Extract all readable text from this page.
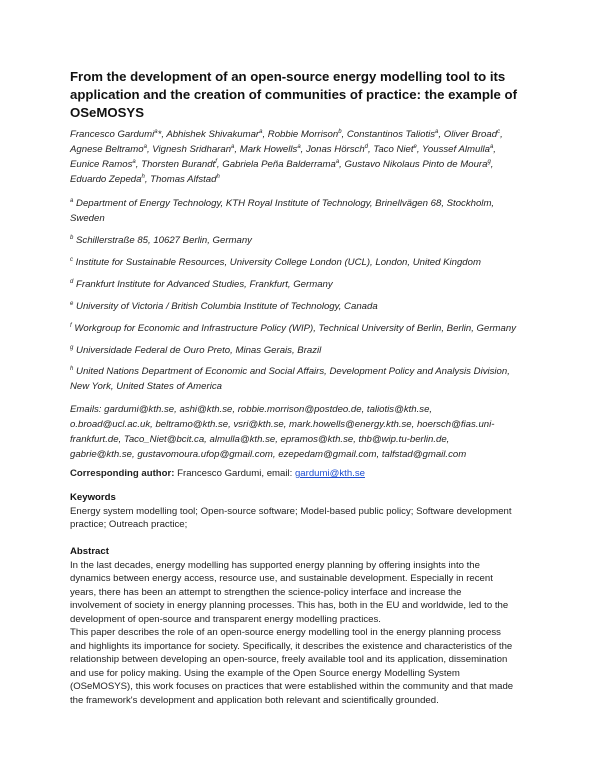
From the development of an open-source energy modelling tool to its
application and the creation of communities of practice: the example of
OSeMOSYS
Francesco Gardumi$^a$*, Abhishek Shivakumar$^a$, Robbie Morrison$^b$, Constantinos Taliotis$^a$, Oliver Broad$^c$,
Agnese Beltramo$^a$, Vignesh Sridharan$^a$, Mark Howells$^a$, Jonas Hörsch$^d$, Taco Niet$^e$, Youssef Almulla$^a$,
Eunice Ramos$^a$, Thorsten Burandt$^f$, Gabriela Peña Balderrama$^a$, Gustavo Nikolaus Pinto de Moura$^g$,
Eduardo Zepeda$^h$, Thomas Alfstad$^h$
$^a$ Department of Energy Technology, KTH Royal Institute of Technology, Brinellvägen 68, Stockholm,
Sweden
$^b$ Schillerstraße 85, 10627 Berlin, Germany
$^c$ Institute for Sustainable Resources, University College London (UCL), London, United Kingdom
$^d$ Frankfurt Institute for Advanced Studies, Frankfurt, Germany
$^e$ University of Victoria / British Columbia Institute of Technology, Canada
$^f$ Workgroup for Economic and Infrastructure Policy (WIP), Technical University of Berlin, Berlin, Germany
$^g$ Universidade Federal de Ouro Preto, Minas Gerais, Brazil
$^h$ United Nations Department of Economic and Social Affairs, Development Policy and Analysis Division,
New York, United States of America
Emails: gardumi@kth.se, ashi@kth.se, robbie.morrison@postdeo.de, taliotis@kth.se,
o.broad@ucl.ac.uk, beltramo@kth.se, vsri@kth.se, mark.howells@energy.kth.se, hoersch@fias.uni-
frankfurt.de, Taco_Niet@bcit.ca, almulla@kth.se, epramos@kth.se, thb@wip.tu-berlin.de,
gabrie@kth.se, gustavomoura.ufop@gmail.com, ezepedam@gmail.com, talfstad@gmail.com
Corresponding author: Francesco Gardumi, email: gardumi@kth.se
Keywords
Energy system modelling tool; Open-source software; Model-based public policy; Software development
practice; Outreach practice;
Abstract
In the last decades, energy modelling has supported energy planning by offering insights into the
dynamics between energy access, resource use, and sustainable development. Especially in recent
years, there has been an attempt to strengthen the science-policy interface and increase the
involvement of society in energy planning processes. This has, both in the EU and worldwide, led to the
development of open-source and transparent energy modelling practices.
This paper describes the role of an open-source energy modelling tool in the energy planning process
and highlights its importance for society. Specifically, it describes the existence and characteristics of the
relationship between developing an open-source, freely available tool and its application, dissemination
and use for policy making. Using the example of the Open Source energy Modelling System
(OSeMOSYS), this work focuses on practices that were established within the community and that made
the framework's development and application both relevant and scientifically grounded.
